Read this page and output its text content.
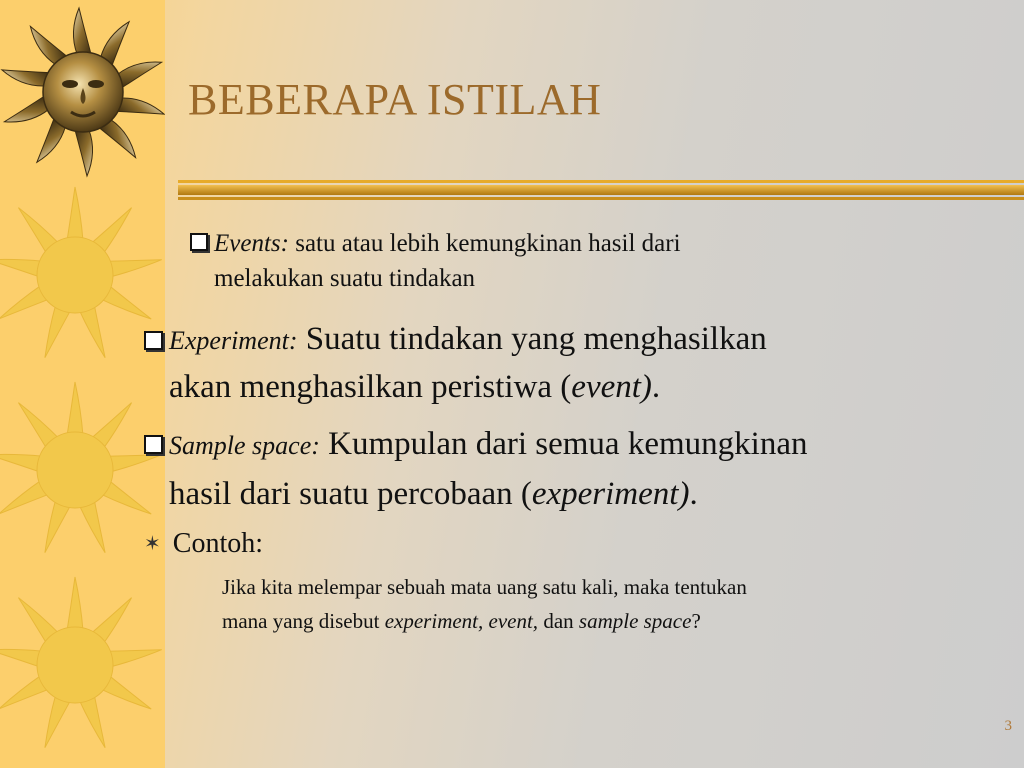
BEBERAPA ISTILAH
Events: satu atau lebih kemungkinan hasil dari
melakukan suatu tindakan
Experiment: Suatu tindakan yang menghasilkan
akan menghasilkan peristiwa (event).
Sample space: Kumpulan dari semua kemungkinan
hasil dari suatu percobaan (experiment).
✶ Contoh:
Jika kita melempar sebuah mata uang satu kali, maka tentukan
mana yang disebut experiment, event, dan sample space?
3
